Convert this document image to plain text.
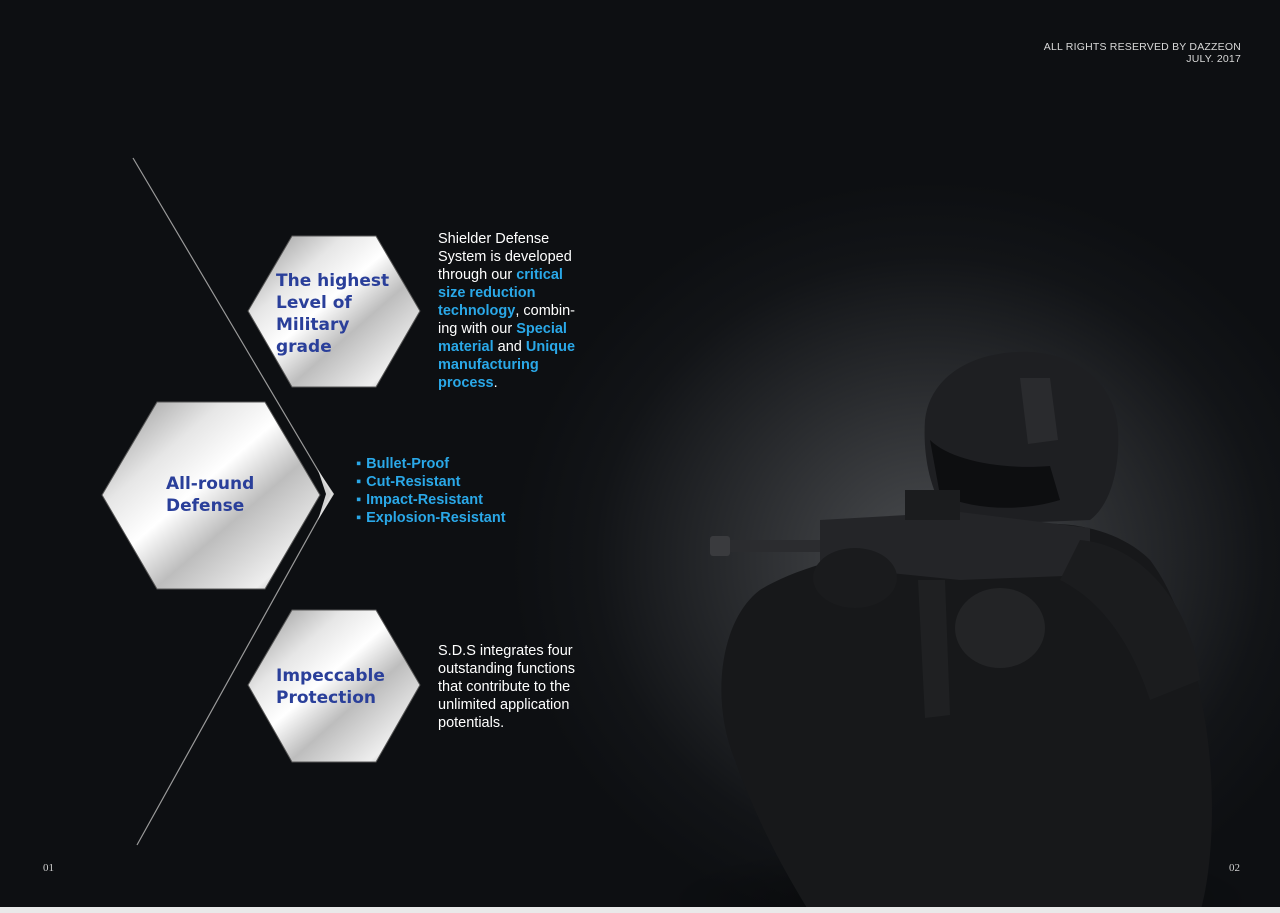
ALL RIGHTS RESERVED BY DAZZEON
JULY. 2017
The highest
Level of
Military
grade
All-round
Defense
Impeccable
Protection
Shielder Defense
System is developed
through our critical
size reduction
technology, combin-
ing with our Special
material and Unique
manufacturing
process.
▪ Bullet-Proof
▪ Cut-Resistant
▪ Impact-Resistant
▪ Explosion-Resistant
S.D.S integrates four
outstanding functions
that contribute to the
unlimited application
potentials.
01	02
